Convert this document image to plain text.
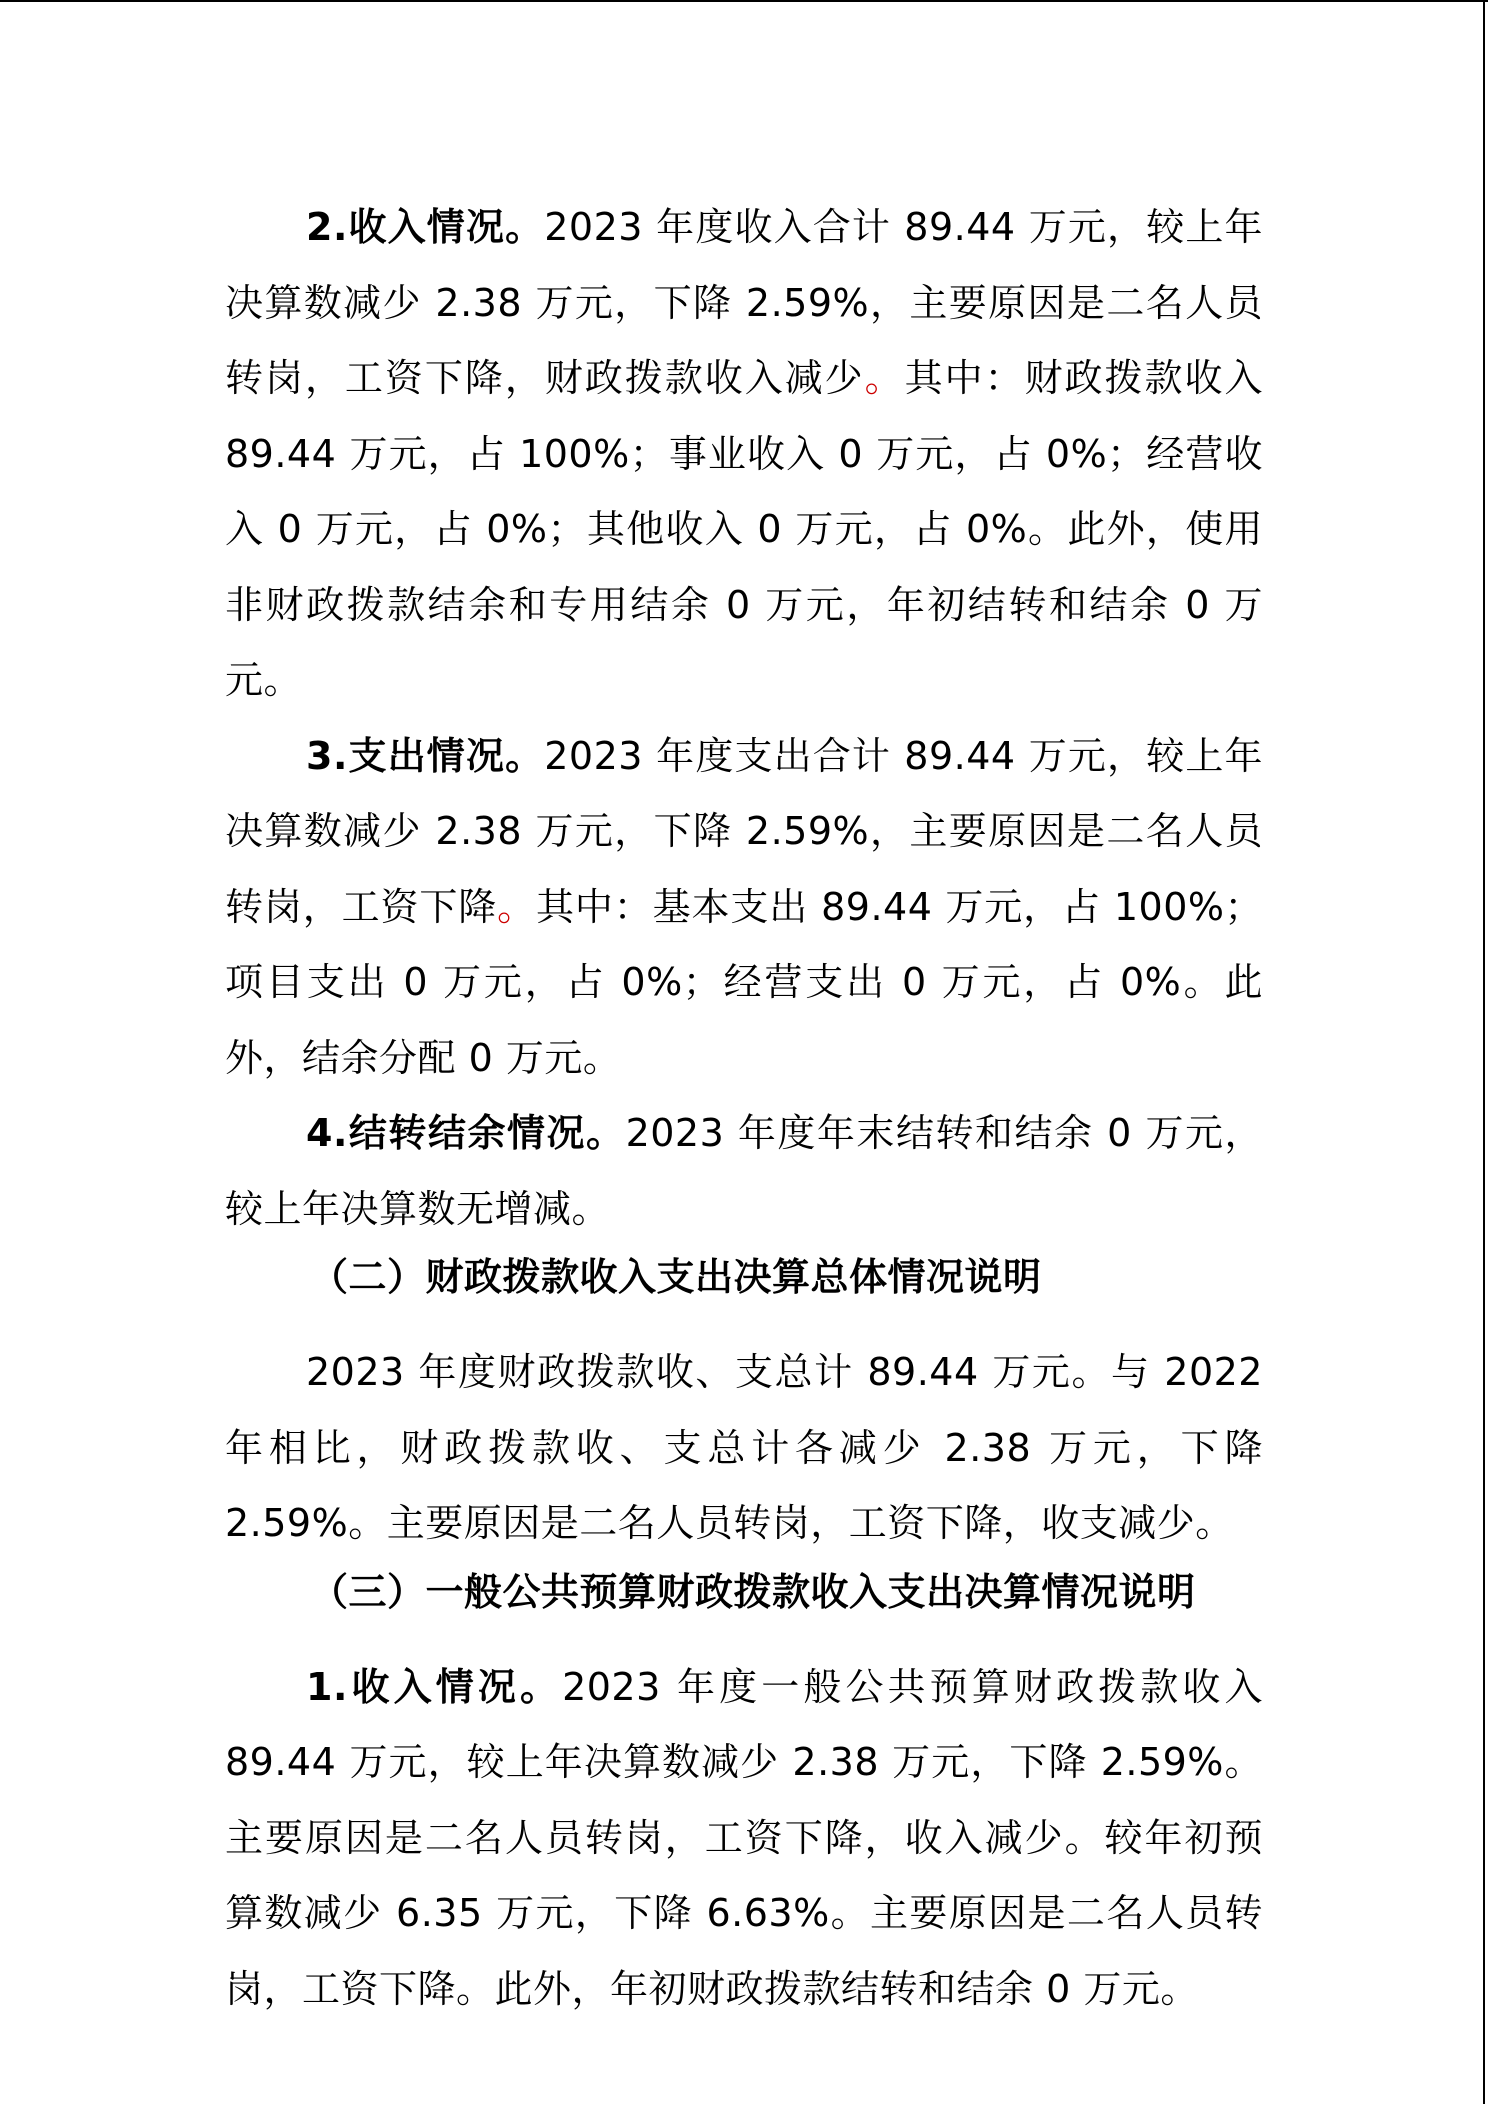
2.收入情况。2023 年度收入合计 89.44 万元，较上年决算数减少 2.38 万元，下降 2.59%，主要原因是二名人员转岗，工资下降，财政拨款收入减少。其中：财政拨款收入 89.44 万元，占 100%；事业收入 0 万元，占 0%；经营收入 0 万元，占 0%；其他收入 0 万元，占 0%。此外，使用非财政拨款结余和专用结余 0 万元，年初结转和结余 0 万元。

3.支出情况。2023 年度支出合计 89.44 万元，较上年决算数减少 2.38 万元，下降 2.59%，主要原因是二名人员转岗，工资下降。其中：基本支出 89.44 万元，占 100%；项目支出 0 万元，占 0%；经营支出 0 万元，占 0%。此外，结余分配 0 万元。

4.结转结余情况。2023 年度年末结转和结余 0 万元，较上年决算数无增减。

（二）财政拨款收入支出决算总体情况说明

2023 年度财政拨款收、支总计 89.44 万元。与 2022 年相比，财政拨款收、支总计各减少 2.38 万元，下降 2.59%。主要原因是二名人员转岗，工资下降，收支减少。

（三）一般公共预算财政拨款收入支出决算情况说明

1.收入情况。2023 年度一般公共预算财政拨款收入 89.44 万元，较上年决算数减少 2.38 万元，下降 2.59%。主要原因是二名人员转岗，工资下降，收入减少。较年初预算数减少 6.35 万元，下降 6.63%。主要原因是二名人员转岗，工资下降。此外，年初财政拨款结转和结余 0 万元。
